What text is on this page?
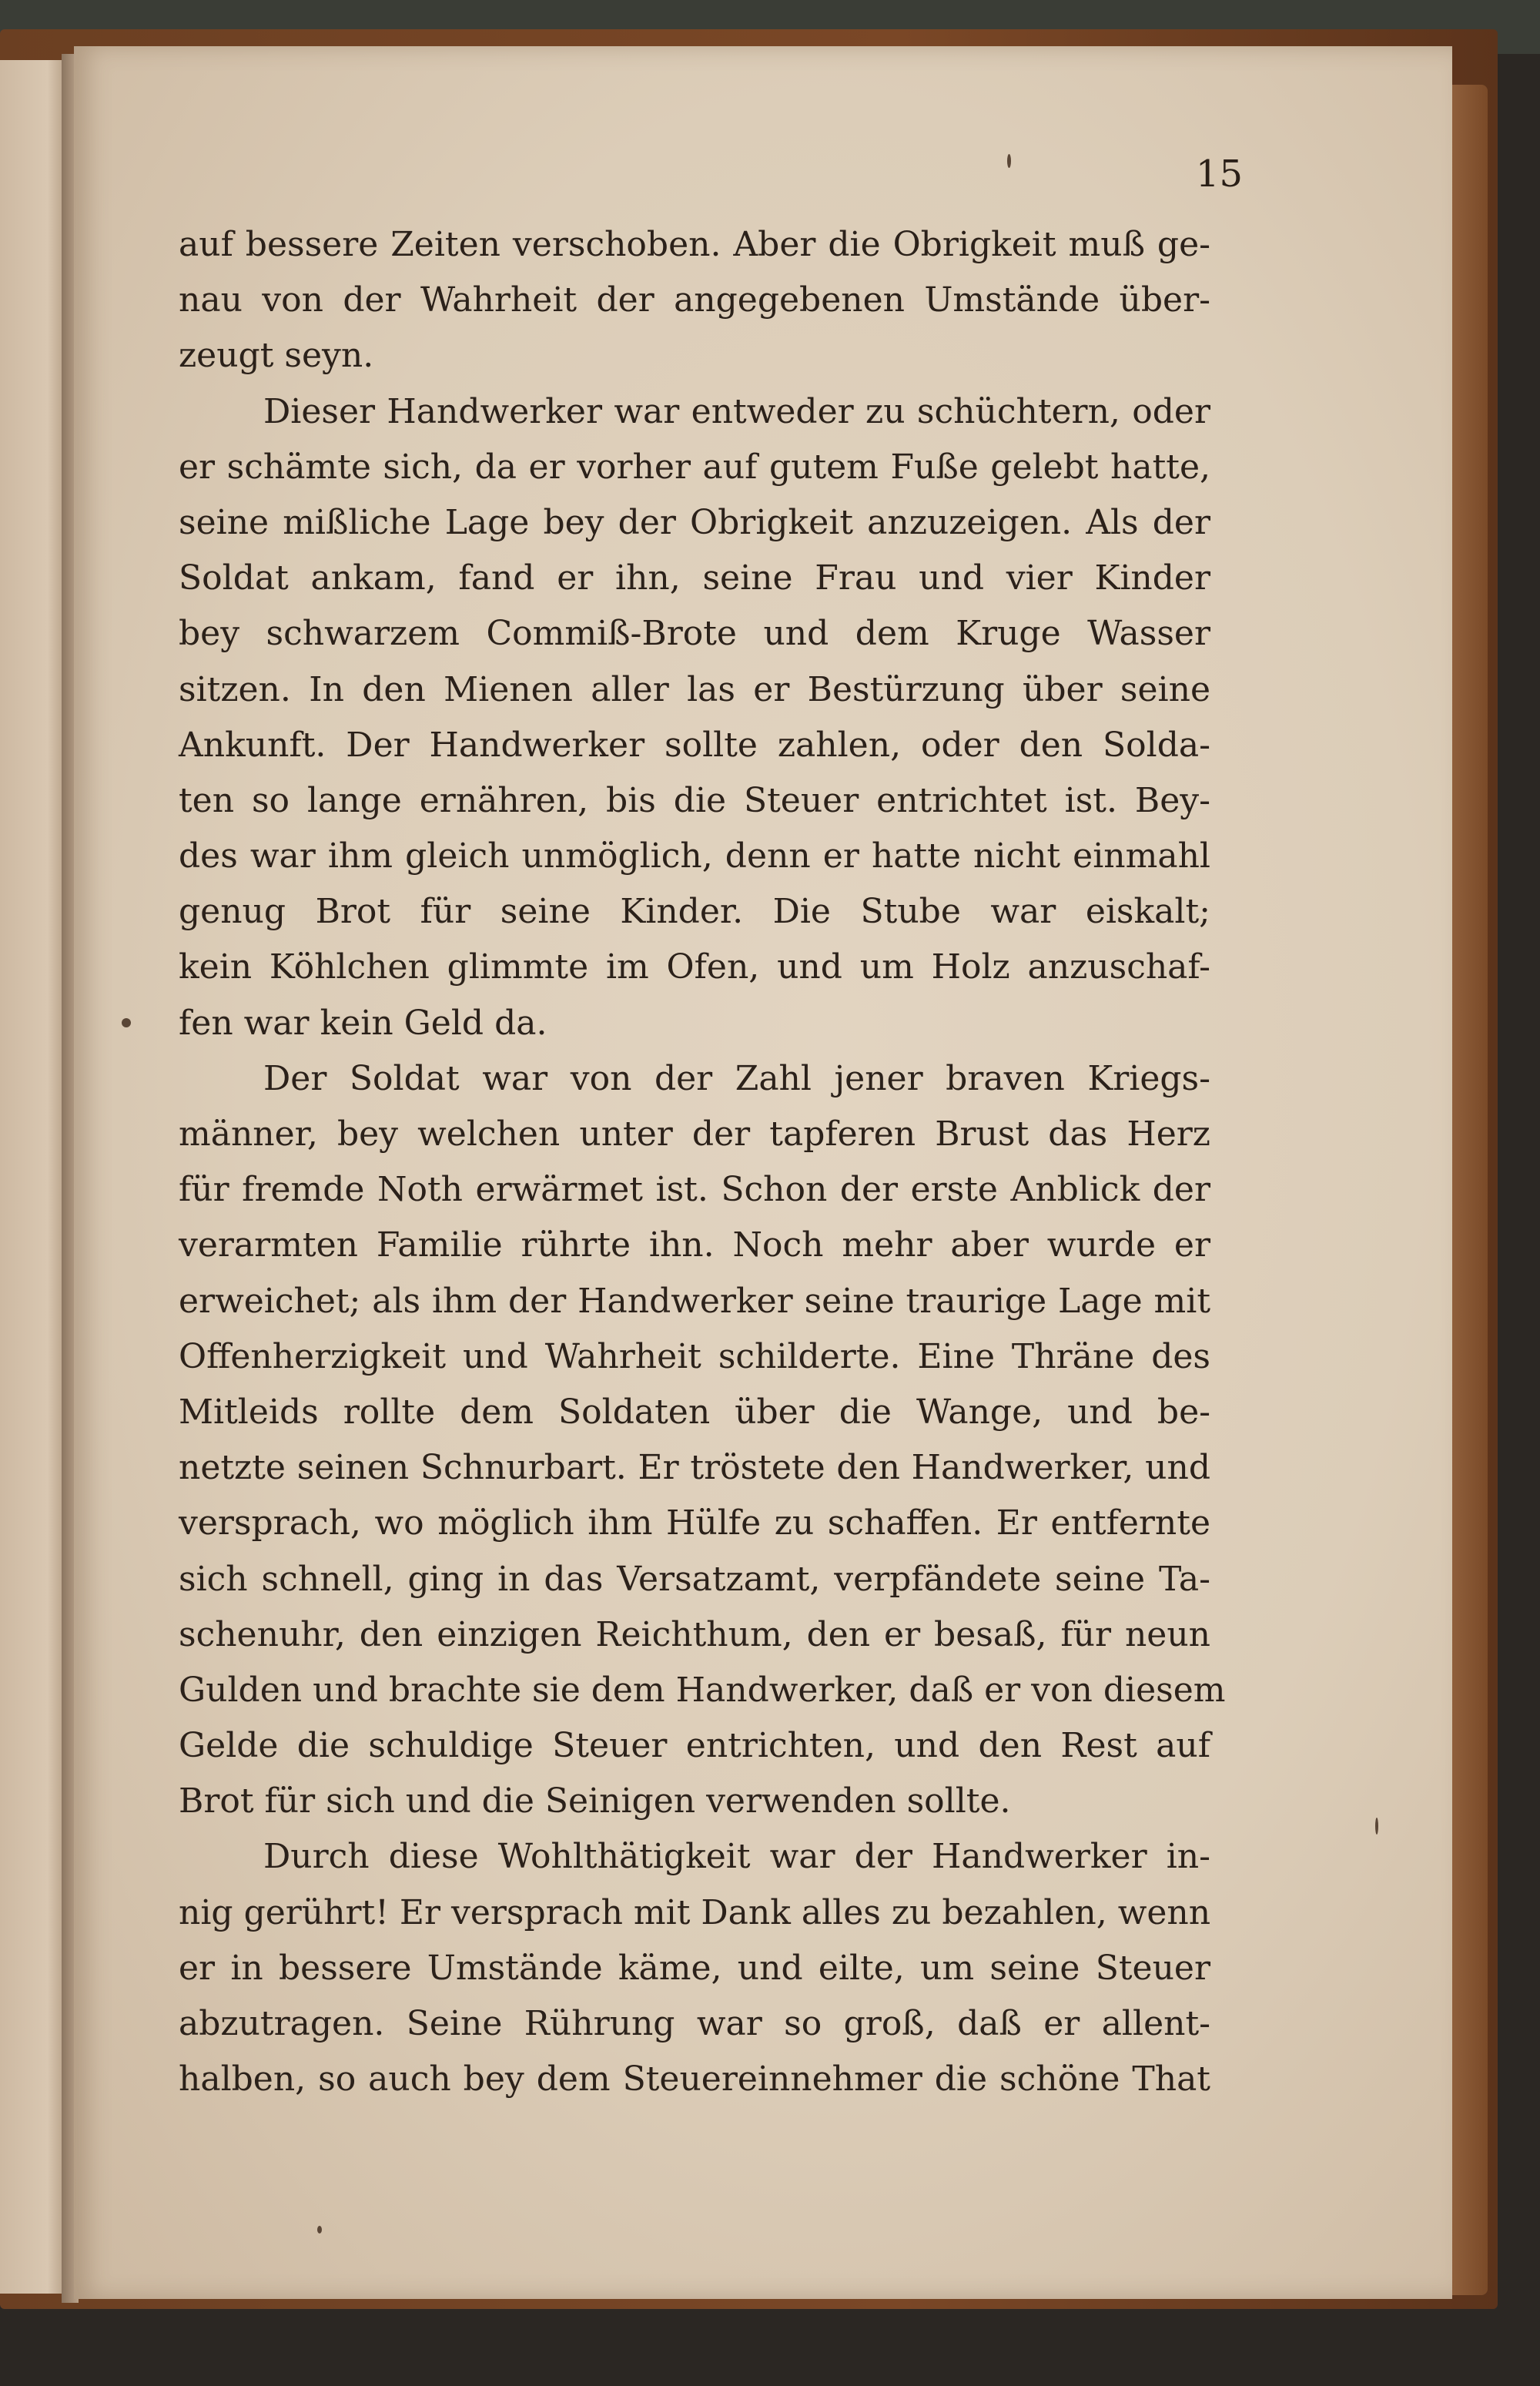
15
auf bessere Zeiten verschoben. Aber die Obrigkeit muß ge-
nau von der Wahrheit der angegebenen Umstände über-
zeugt seyn.
Dieser Handwerker war entweder zu schüchtern, oder
er schämte sich, da er vorher auf gutem Fuße gelebt hatte,
seine mißliche Lage bey der Obrigkeit anzuzeigen. Als der
Soldat ankam, fand er ihn, seine Frau und vier Kinder
bey schwarzem Commiß-Brote und dem Kruge Wasser
sitzen. In den Mienen aller las er Bestürzung über seine
Ankunft. Der Handwerker sollte zahlen, oder den Solda-
ten so lange ernähren, bis die Steuer entrichtet ist. Bey-
des war ihm gleich unmöglich, denn er hatte nicht einmahl
genug Brot für seine Kinder. Die Stube war eiskalt;
kein Köhlchen glimmte im Ofen, und um Holz anzuschaf-
fen war kein Geld da.
Der Soldat war von der Zahl jener braven Kriegs-
männer, bey welchen unter der tapferen Brust das Herz
für fremde Noth erwärmet ist. Schon der erste Anblick der
verarmten Familie rührte ihn. Noch mehr aber wurde er
erweichet; als ihm der Handwerker seine traurige Lage mit
Offenherzigkeit und Wahrheit schilderte. Eine Thräne des
Mitleids rollte dem Soldaten über die Wange, und be-
netzte seinen Schnurbart. Er tröstete den Handwerker, und
versprach, wo möglich ihm Hülfe zu schaffen. Er entfernte
sich schnell, ging in das Versatzamt, verpfändete seine Ta-
schenuhr, den einzigen Reichthum, den er besaß, für neun
Gulden und brachte sie dem Handwerker, daß er von diesem
Gelde die schuldige Steuer entrichten, und den Rest auf
Brot für sich und die Seinigen verwenden sollte.
Durch diese Wohlthätigkeit war der Handwerker in-
nig gerührt! Er versprach mit Dank alles zu bezahlen, wenn
er in bessere Umstände käme, und eilte, um seine Steuer
abzutragen. Seine Rührung war so groß, daß er allent-
halben, so auch bey dem Steuereinnehmer die schöne That
